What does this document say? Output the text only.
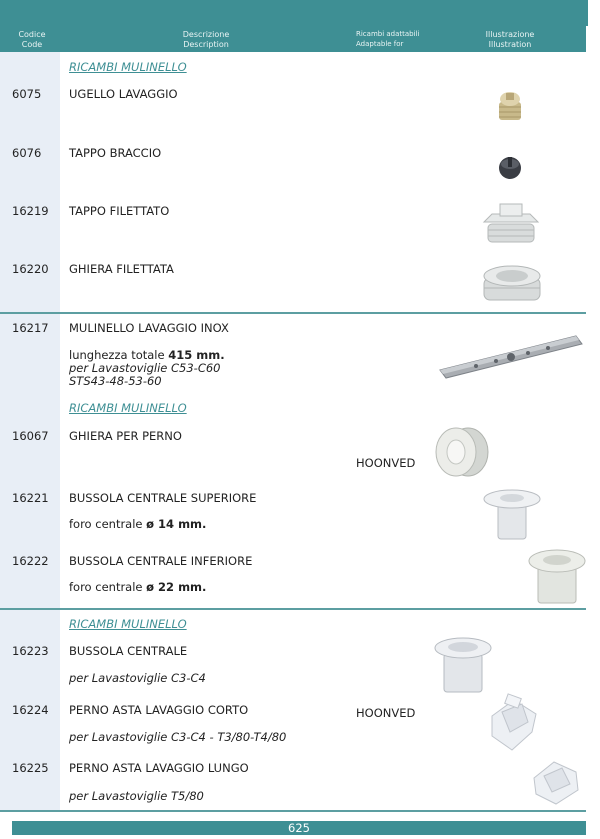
Codice
Code
Descrizione
Description
Ricambi adattabili
Adaptable for
Illustrazione
Illustration
RICAMBI MULINELLO
6075 UGELLO LAVAGGIO
6076 TAPPO BRACCIO
16219 TAPPO FILETTATO
16220 GHIERA FILETTATA
16217 MULINELLO LAVAGGIO INOX
lunghezza totale 415 mm.
per Lavastoviglie C53-C60
STS43-48-53-60
RICAMBI MULINELLO
16067 GHIERA PER PERNO
HOONVED
16221 BUSSOLA CENTRALE SUPERIORE
foro centrale ø 14 mm.
16222 BUSSOLA CENTRALE INFERIORE
foro centrale ø 22 mm.
RICAMBI MULINELLO
16223 BUSSOLA CENTRALE
per Lavastoviglie C3-C4
16224 PERNO ASTA LAVAGGIO CORTO	HOONVED
per Lavastoviglie C3-C4 - T3/80-T4/80
16225 PERNO ASTA LAVAGGIO LUNGO
per Lavastoviglie T5/80
625
